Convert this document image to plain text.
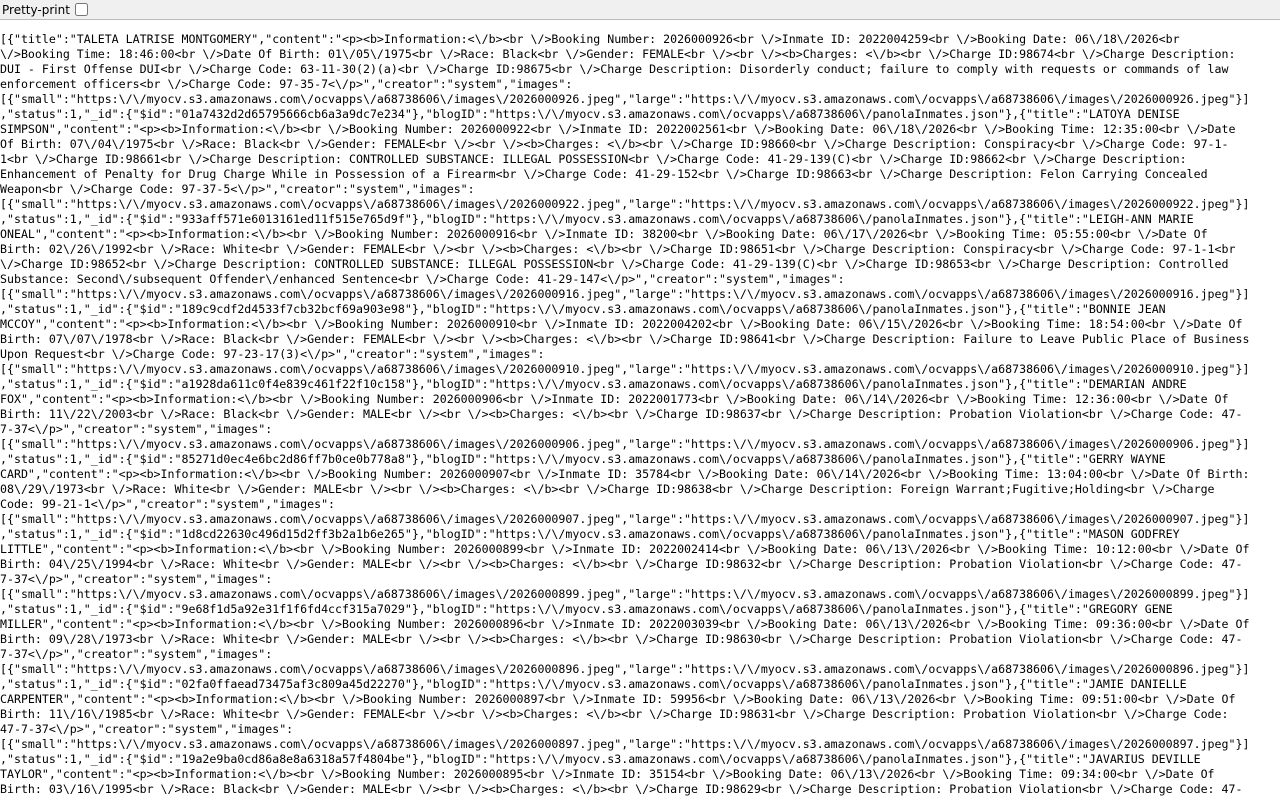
Pretty-print
[{"title":"TALETA LATRISE MONTGOMERY","content":"<p><b>Information:<\/b><br \/>Booking Number: 2026000926<br \/>Inmate ID: 2022004259<br \/>Booking Date: 06\/18\/2026<br
\/>Booking Time: 18:46:00<br \/>Date Of Birth: 01\/05\/1975<br \/>Race: Black<br \/>Gender: FEMALE<br \/><br \/><b>Charges: <\/b><br \/>Charge ID:98674<br \/>Charge Description:
DUI - First Offense DUI<br \/>Charge Code: 63-11-30(2)(a)<br \/>Charge ID:98675<br \/>Charge Description: Disorderly conduct; failure to comply with requests or commands of law
enforcement officers<br \/>Charge Code: 97-35-7<\/p>","creator":"system","images":
[{"small":"https:\/\/myocv.s3.amazonaws.com\/ocvapps\/a68738606\/images\/2026000926.jpeg","large":"https:\/\/myocv.s3.amazonaws.com\/ocvapps\/a68738606\/images\/2026000926.jpeg"}]
,"status":1,"_id":{"$id":"01a7432d2d65795666cb6a3a9dc7e234"},"blogID":"https:\/\/myocv.s3.amazonaws.com\/ocvapps\/a68738606\/panolaInmates.json"},{"title":"LATOYA DENISE
SIMPSON","content":"<p><b>Information:<\/b><br \/>Booking Number: 2026000922<br \/>Inmate ID: 2022002561<br \/>Booking Date: 06\/18\/2026<br \/>Booking Time: 12:35:00<br \/>Date
Of Birth: 07\/04\/1975<br \/>Race: Black<br \/>Gender: FEMALE<br \/><br \/><b>Charges: <\/b><br \/>Charge ID:98660<br \/>Charge Description: Conspiracy<br \/>Charge Code: 97-1-
1<br \/>Charge ID:98661<br \/>Charge Description: CONTROLLED SUBSTANCE: ILLEGAL POSSESSION<br \/>Charge Code: 41-29-139(C)<br \/>Charge ID:98662<br \/>Charge Description:
Enhancement of Penalty for Drug Charge While in Possession of a Firearm<br \/>Charge Code: 41-29-152<br \/>Charge ID:98663<br \/>Charge Description: Felon Carrying Concealed
Weapon<br \/>Charge Code: 97-37-5<\/p>","creator":"system","images":
[{"small":"https:\/\/myocv.s3.amazonaws.com\/ocvapps\/a68738606\/images\/2026000922.jpeg","large":"https:\/\/myocv.s3.amazonaws.com\/ocvapps\/a68738606\/images\/2026000922.jpeg"}]
,"status":1,"_id":{"$id":"933aff571e6013161ed11f515e765d9f"},"blogID":"https:\/\/myocv.s3.amazonaws.com\/ocvapps\/a68738606\/panolaInmates.json"},{"title":"LEIGH-ANN MARIE
ONEAL","content":"<p><b>Information:<\/b><br \/>Booking Number: 2026000916<br \/>Inmate ID: 38200<br \/>Booking Date: 06\/17\/2026<br \/>Booking Time: 05:55:00<br \/>Date Of
Birth: 02\/26\/1992<br \/>Race: White<br \/>Gender: FEMALE<br \/><br \/><b>Charges: <\/b><br \/>Charge ID:98651<br \/>Charge Description: Conspiracy<br \/>Charge Code: 97-1-1<br
\/>Charge ID:98652<br \/>Charge Description: CONTROLLED SUBSTANCE: ILLEGAL POSSESSION<br \/>Charge Code: 41-29-139(C)<br \/>Charge ID:98653<br \/>Charge Description: Controlled
Substance: Second\/subsequent Offender\/enhanced Sentence<br \/>Charge Code: 41-29-147<\/p>","creator":"system","images":
[{"small":"https:\/\/myocv.s3.amazonaws.com\/ocvapps\/a68738606\/images\/2026000916.jpeg","large":"https:\/\/myocv.s3.amazonaws.com\/ocvapps\/a68738606\/images\/2026000916.jpeg"}]
,"status":1,"_id":{"$id":"189c9cdf2d4533f7cb32bcf69a903e98"},"blogID":"https:\/\/myocv.s3.amazonaws.com\/ocvapps\/a68738606\/panolaInmates.json"},{"title":"BONNIE JEAN
MCCOY","content":"<p><b>Information:<\/b><br \/>Booking Number: 2026000910<br \/>Inmate ID: 2022004202<br \/>Booking Date: 06\/15\/2026<br \/>Booking Time: 18:54:00<br \/>Date Of
Birth: 07\/07\/1978<br \/>Race: Black<br \/>Gender: FEMALE<br \/><br \/><b>Charges: <\/b><br \/>Charge ID:98641<br \/>Charge Description: Failure to Leave Public Place of Business
Upon Request<br \/>Charge Code: 97-23-17(3)<\/p>","creator":"system","images":
[{"small":"https:\/\/myocv.s3.amazonaws.com\/ocvapps\/a68738606\/images\/2026000910.jpeg","large":"https:\/\/myocv.s3.amazonaws.com\/ocvapps\/a68738606\/images\/2026000910.jpeg"}]
,"status":1,"_id":{"$id":"a1928da611c0f4e839c461f22f10c158"},"blogID":"https:\/\/myocv.s3.amazonaws.com\/ocvapps\/a68738606\/panolaInmates.json"},{"title":"DEMARIAN ANDRE
FOX","content":"<p><b>Information:<\/b><br \/>Booking Number: 2026000906<br \/>Inmate ID: 2022001773<br \/>Booking Date: 06\/14\/2026<br \/>Booking Time: 12:36:00<br \/>Date Of
Birth: 11\/22\/2003<br \/>Race: Black<br \/>Gender: MALE<br \/><br \/><b>Charges: <\/b><br \/>Charge ID:98637<br \/>Charge Description: Probation Violation<br \/>Charge Code: 47-
7-37<\/p>","creator":"system","images":
[{"small":"https:\/\/myocv.s3.amazonaws.com\/ocvapps\/a68738606\/images\/2026000906.jpeg","large":"https:\/\/myocv.s3.amazonaws.com\/ocvapps\/a68738606\/images\/2026000906.jpeg"}]
,"status":1,"_id":{"$id":"85271d0ec4e6bc2d86ff7b0ce0b778a8"},"blogID":"https:\/\/myocv.s3.amazonaws.com\/ocvapps\/a68738606\/panolaInmates.json"},{"title":"GERRY WAYNE
CARD","content":"<p><b>Information:<\/b><br \/>Booking Number: 2026000907<br \/>Inmate ID: 35784<br \/>Booking Date: 06\/14\/2026<br \/>Booking Time: 13:04:00<br \/>Date Of Birth:
08\/29\/1973<br \/>Race: White<br \/>Gender: MALE<br \/><br \/><b>Charges: <\/b><br \/>Charge ID:98638<br \/>Charge Description: Foreign Warrant;Fugitive;Holding<br \/>Charge
Code: 99-21-1<\/p>","creator":"system","images":
[{"small":"https:\/\/myocv.s3.amazonaws.com\/ocvapps\/a68738606\/images\/2026000907.jpeg","large":"https:\/\/myocv.s3.amazonaws.com\/ocvapps\/a68738606\/images\/2026000907.jpeg"}]
,"status":1,"_id":{"$id":"1d8cd22630c496d15d2ff3b2a1b6e265"},"blogID":"https:\/\/myocv.s3.amazonaws.com\/ocvapps\/a68738606\/panolaInmates.json"},{"title":"MASON GODFREY
LITTLE","content":"<p><b>Information:<\/b><br \/>Booking Number: 2026000899<br \/>Inmate ID: 2022002414<br \/>Booking Date: 06\/13\/2026<br \/>Booking Time: 10:12:00<br \/>Date Of
Birth: 04\/25\/1994<br \/>Race: White<br \/>Gender: MALE<br \/><br \/><b>Charges: <\/b><br \/>Charge ID:98632<br \/>Charge Description: Probation Violation<br \/>Charge Code: 47-
7-37<\/p>","creator":"system","images":
[{"small":"https:\/\/myocv.s3.amazonaws.com\/ocvapps\/a68738606\/images\/2026000899.jpeg","large":"https:\/\/myocv.s3.amazonaws.com\/ocvapps\/a68738606\/images\/2026000899.jpeg"}]
,"status":1,"_id":{"$id":"9e68f1d5a92e31f1f6fd4ccf315a7029"},"blogID":"https:\/\/myocv.s3.amazonaws.com\/ocvapps\/a68738606\/panolaInmates.json"},{"title":"GREGORY GENE
MILLER","content":"<p><b>Information:<\/b><br \/>Booking Number: 2026000896<br \/>Inmate ID: 2022003039<br \/>Booking Date: 06\/13\/2026<br \/>Booking Time: 09:36:00<br \/>Date Of
Birth: 09\/28\/1973<br \/>Race: White<br \/>Gender: MALE<br \/><br \/><b>Charges: <\/b><br \/>Charge ID:98630<br \/>Charge Description: Probation Violation<br \/>Charge Code: 47-
7-37<\/p>","creator":"system","images":
[{"small":"https:\/\/myocv.s3.amazonaws.com\/ocvapps\/a68738606\/images\/2026000896.jpeg","large":"https:\/\/myocv.s3.amazonaws.com\/ocvapps\/a68738606\/images\/2026000896.jpeg"}]
,"status":1,"_id":{"$id":"02fa0ffaead73475af3c809a45d22270"},"blogID":"https:\/\/myocv.s3.amazonaws.com\/ocvapps\/a68738606\/panolaInmates.json"},{"title":"JAMIE DANIELLE
CARPENTER","content":"<p><b>Information:<\/b><br \/>Booking Number: 2026000897<br \/>Inmate ID: 59956<br \/>Booking Date: 06\/13\/2026<br \/>Booking Time: 09:51:00<br \/>Date Of
Birth: 11\/16\/1985<br \/>Race: White<br \/>Gender: FEMALE<br \/><br \/><b>Charges: <\/b><br \/>Charge ID:98631<br \/>Charge Description: Probation Violation<br \/>Charge Code:
47-7-37<\/p>","creator":"system","images":
[{"small":"https:\/\/myocv.s3.amazonaws.com\/ocvapps\/a68738606\/images\/2026000897.jpeg","large":"https:\/\/myocv.s3.amazonaws.com\/ocvapps\/a68738606\/images\/2026000897.jpeg"}]
,"status":1,"_id":{"$id":"19a2e9ba0cd86a8e8a6318a57f4804be"},"blogID":"https:\/\/myocv.s3.amazonaws.com\/ocvapps\/a68738606\/panolaInmates.json"},{"title":"JAVARIUS DEVILLE
TAYLOR","content":"<p><b>Information:<\/b><br \/>Booking Number: 2026000895<br \/>Inmate ID: 35154<br \/>Booking Date: 06\/13\/2026<br \/>Booking Time: 09:34:00<br \/>Date Of
Birth: 03\/16\/1995<br \/>Race: Black<br \/>Gender: MALE<br \/><br \/><b>Charges: <\/b><br \/>Charge ID:98629<br \/>Charge Description: Probation Violation<br \/>Charge Code: 47-
